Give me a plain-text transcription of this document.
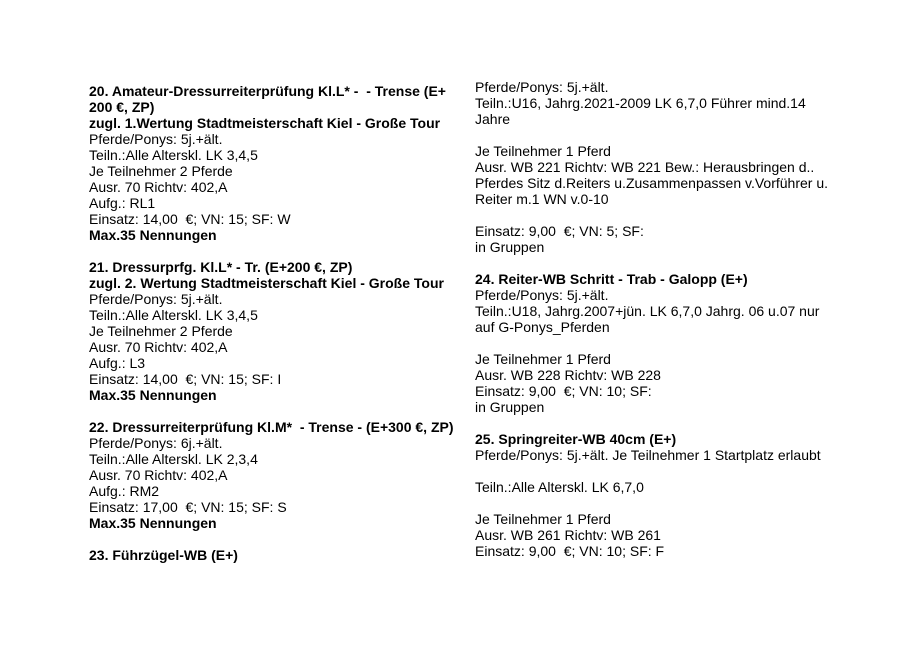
20. Amateur-Dressurreiterprüfung Kl.L* -  - Trense (E+
200 €, ZP)
zugl. 1.Wertung Stadtmeisterschaft Kiel - Große Tour
Pferde/Ponys: 5j.+ält.
Teiln.:Alle Alterskl. LK 3,4,5
Je Teilnehmer 2 Pferde
Ausr. 70 Richtv: 402,A
Aufg.: RL1
Einsatz: 14,00  €; VN: 15; SF: W
Max.35 Nennungen
21. Dressurprfg. Kl.L* - Tr. (E+200 €, ZP)
zugl. 2. Wertung Stadtmeisterschaft Kiel - Große Tour
Pferde/Ponys: 5j.+ält.
Teiln.:Alle Alterskl. LK 3,4,5
Je Teilnehmer 2 Pferde
Ausr. 70 Richtv: 402,A
Aufg.: L3
Einsatz: 14,00  €; VN: 15; SF: I
Max.35 Nennungen
22. Dressurreiterprüfung Kl.M*  - Trense - (E+300 €, ZP)
Pferde/Ponys: 6j.+ält.
Teiln.:Alle Alterskl. LK 2,3,4
Ausr. 70 Richtv: 402,A
Aufg.: RM2
Einsatz: 17,00  €; VN: 15; SF: S
Max.35 Nennungen
23. Führzügel-WB (E+)
Pferde/Ponys: 5j.+ält.
Teiln.:U16, Jahrg.2021-2009 LK 6,7,0 Führer mind.14
Jahre
Je Teilnehmer 1 Pferd
Ausr. WB 221 Richtv: WB 221 Bew.: Herausbringen d..
Pferdes Sitz d.Reiters u.Zusammenpassen v.Vorführer u.
Reiter m.1 WN v.0-10
Einsatz: 9,00  €; VN: 5; SF:
in Gruppen
24. Reiter-WB Schritt - Trab - Galopp (E+)
Pferde/Ponys: 5j.+ält.
Teiln.:U18, Jahrg.2007+jün. LK 6,7,0 Jahrg. 06 u.07 nur
auf G-Ponys_Pferden
Je Teilnehmer 1 Pferd
Ausr. WB 228 Richtv: WB 228
Einsatz: 9,00  €; VN: 10; SF:
in Gruppen
25. Springreiter-WB 40cm (E+)
Pferde/Ponys: 5j.+ält. Je Teilnehmer 1 Startplatz erlaubt
Teiln.:Alle Alterskl. LK 6,7,0
Je Teilnehmer 1 Pferd
Ausr. WB 261 Richtv: WB 261
Einsatz: 9,00  €; VN: 10; SF: F
